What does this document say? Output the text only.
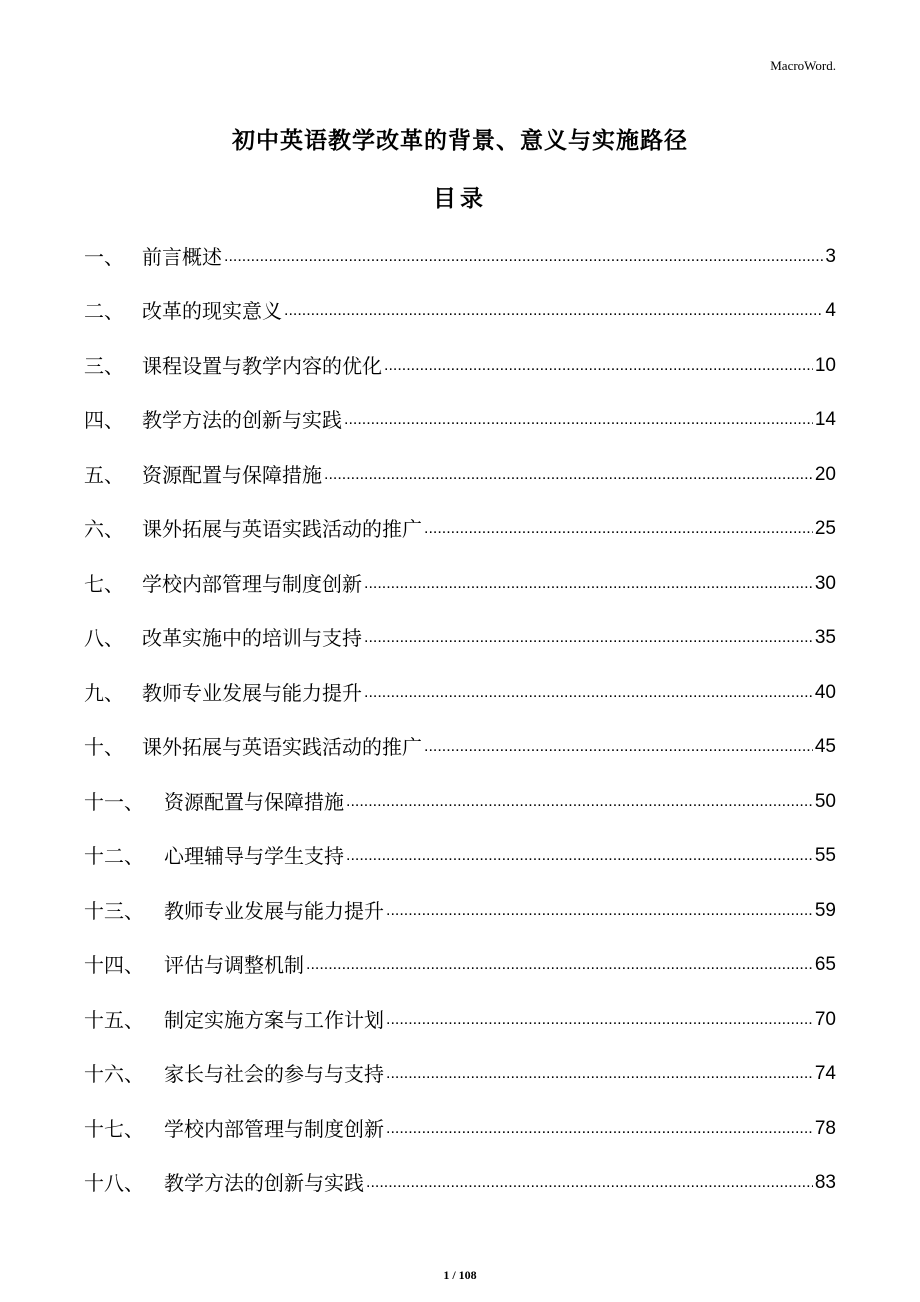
MacroWord.
初中英语教学改革的背景、意义与实施路径
目录
一、 前言概述 .....	3
二、 改革的现实意义 .....	4
三、 课程设置与教学内容的优化 .....	10
四、 教学方法的创新与实践 .....	14
五、 资源配置与保障措施 .....	20
六、 课外拓展与英语实践活动的推广 .....	25
七、 学校内部管理与制度创新 .....	30
八、 改革实施中的培训与支持 .....	35
九、 教师专业发展与能力提升 .....	40
十、 课外拓展与英语实践活动的推广 .....	45
十一、	资源配置与保障措施 .....	50
十二、	心理辅导与学生支持 .....	55
十三、	教师专业发展与能力提升 .....	59
十四、	评估与调整机制 .....	65
十五、	制定实施方案与工作计划 .....	70
十六、	家长与社会的参与与支持 .....	74
十七、	学校内部管理与制度创新 .....	78
十八、	教学方法的创新与实践 .....	83
1 / 108
